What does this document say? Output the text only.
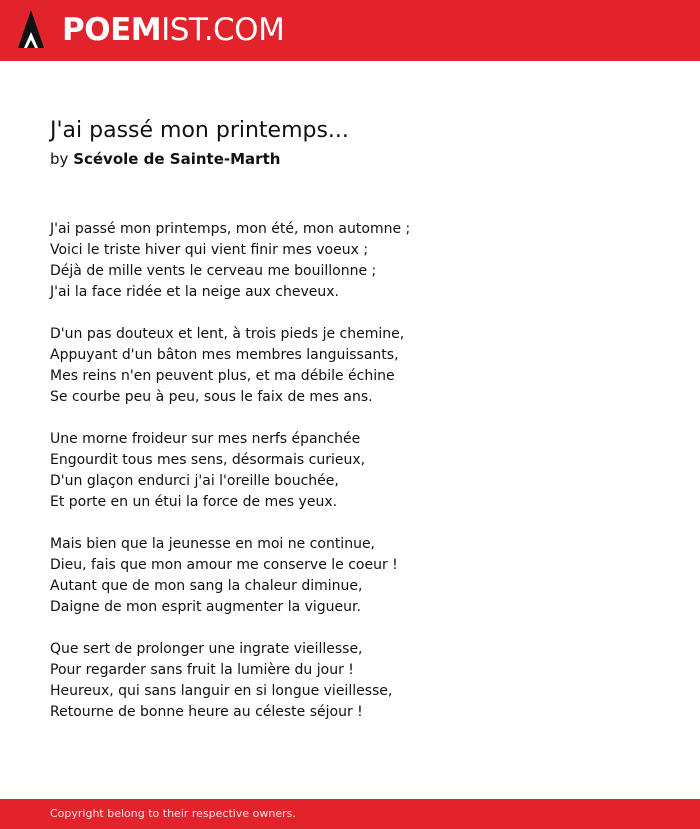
POEMIST.COM
J'ai passé mon printemps...
by Scévole de Sainte-Marth
J'ai passé mon printemps, mon été, mon automne ;
Voici le triste hiver qui vient finir mes voeux ;
Déjà de mille vents le cerveau me bouillonne ;
J'ai la face ridée et la neige aux cheveux.
D'un pas douteux et lent, à trois pieds je chemine,
Appuyant d'un bâton mes membres languissants,
Mes reins n'en peuvent plus, et ma débile échine
Se courbe peu à peu, sous le faix de mes ans.
Une morne froideur sur mes nerfs épanchée
Engourdit tous mes sens, désormais curieux,
D'un glaçon endurci j'ai l'oreille bouchée,
Et porte en un étui la force de mes yeux.
Mais bien que la jeunesse en moi ne continue,
Dieu, fais que mon amour me conserve le coeur !
Autant que de mon sang la chaleur diminue,
Daigne de mon esprit augmenter la vigueur.
Que sert de prolonger une ingrate vieillesse,
Pour regarder sans fruit la lumière du jour !
Heureux, qui sans languir en si longue vieillesse,
Retourne de bonne heure au céleste séjour !
Copyright belong to their respective owners.
